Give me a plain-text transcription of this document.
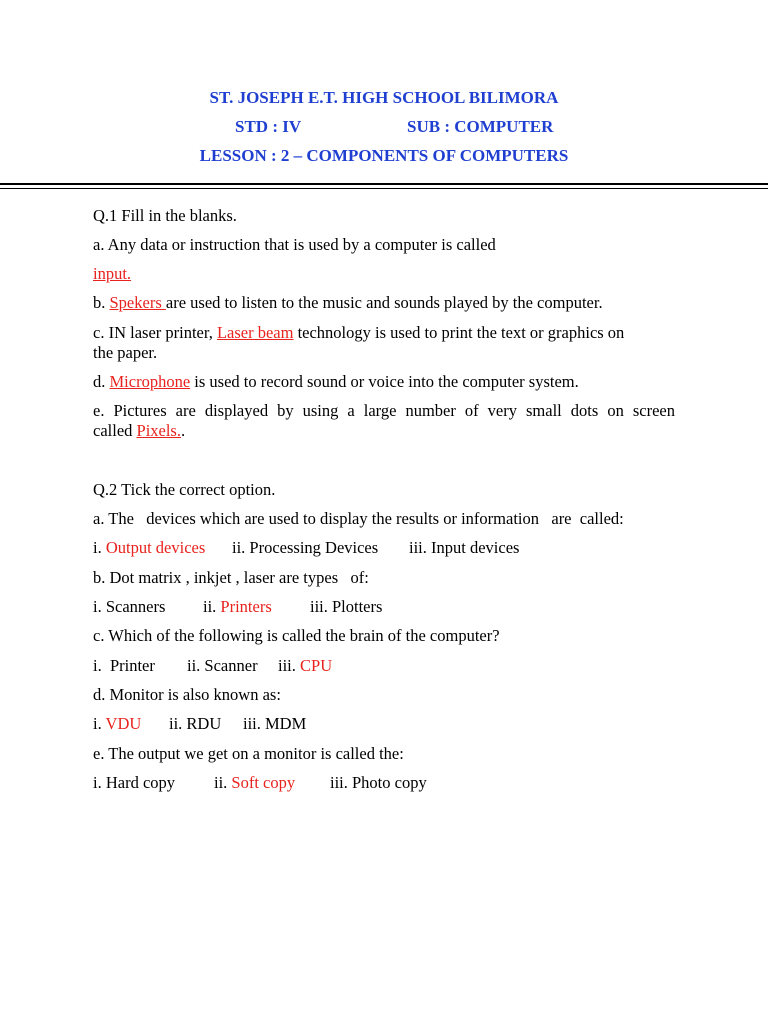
ST. JOSEPH E.T. HIGH SCHOOL BILIMORA
STD : IV	SUB : COMPUTER
LESSON : 2 – COMPONENTS OF COMPUTERS
Q.1 Fill in the blanks.
a. Any data or instruction that is used by a computer is called
input.
b. Spekers are used to listen to the music and sounds played by the computer.
c. IN laser printer, Laser beam technology is used to print the text or graphics on
the paper.
d. Microphone is used to record sound or voice into the computer system.
e. Pictures are displayed by using a large number of very small dots on screen
called Pixels..
Q.2 Tick the correct option.
a. The   devices which are used to display the results or information   are  called:
i. Output devices ii. Processing Devices iii. Input devices
b. Dot matrix , inkjet , laser are types   of:
i. Scanners ii. Printers iii. Plotters
c. Which of the following is called the brain of the computer?
i.  Printer ii. Scanner iii. CPU
d. Monitor is also known as:
i. VDU ii. RDU iii. MDM
e. The output we get on a monitor is called the:
i. Hard copy ii. Soft copy iii. Photo copy
